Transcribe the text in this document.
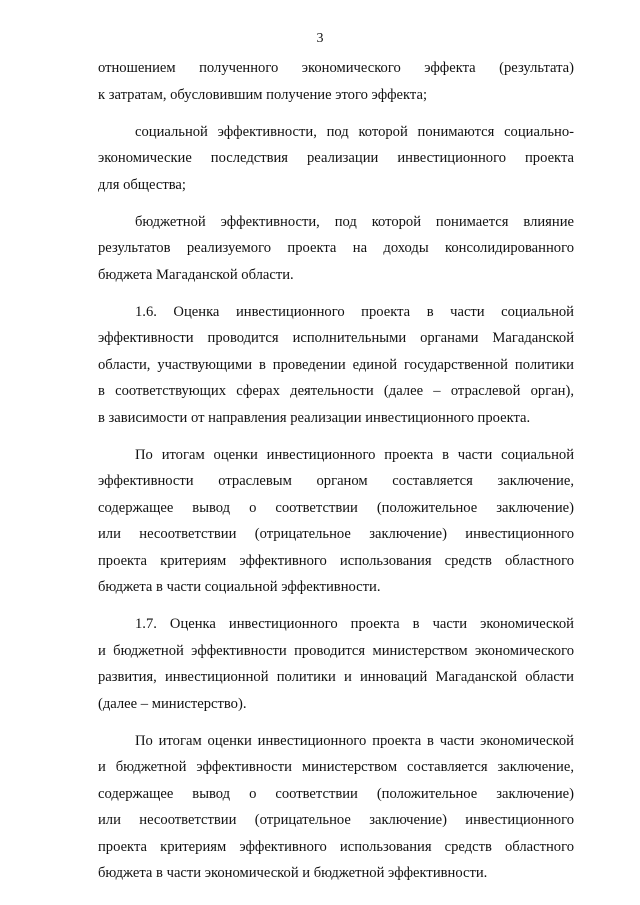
3
отношением полученного экономического эффекта (результата)
к затратам, обусловившим получение этого эффекта;
социальной эффективности, под которой понимаются социально-
экономические последствия реализации инвестиционного проекта
для общества;
бюджетной эффективности, под которой понимается влияние
результатов реализуемого проекта на доходы консолидированного
бюджета Магаданской области.
1.6. Оценка инвестиционного проекта в части социальной
эффективности проводится исполнительными органами Магаданской
области, участвующими в проведении единой государственной политики
в соответствующих сферах деятельности (далее – отраслевой орган),
в зависимости от направления реализации инвестиционного проекта.
По итогам оценки инвестиционного проекта в части социальной
эффективности отраслевым органом составляется заключение,
содержащее вывод о соответствии (положительное заключение)
или несоответствии (отрицательное заключение) инвестиционного
проекта критериям эффективного использования средств областного
бюджета в части социальной эффективности.
1.7. Оценка инвестиционного проекта в части экономической
и бюджетной эффективности проводится министерством экономического
развития, инвестиционной политики и инноваций Магаданской области
(далее – министерство).
По итогам оценки инвестиционного проекта в части экономической
и бюджетной эффективности министерством составляется заключение,
содержащее вывод о соответствии (положительное заключение)
или несоответствии (отрицательное заключение) инвестиционного
проекта критериям эффективного использования средств областного
бюджета в части экономической и бюджетной эффективности.
